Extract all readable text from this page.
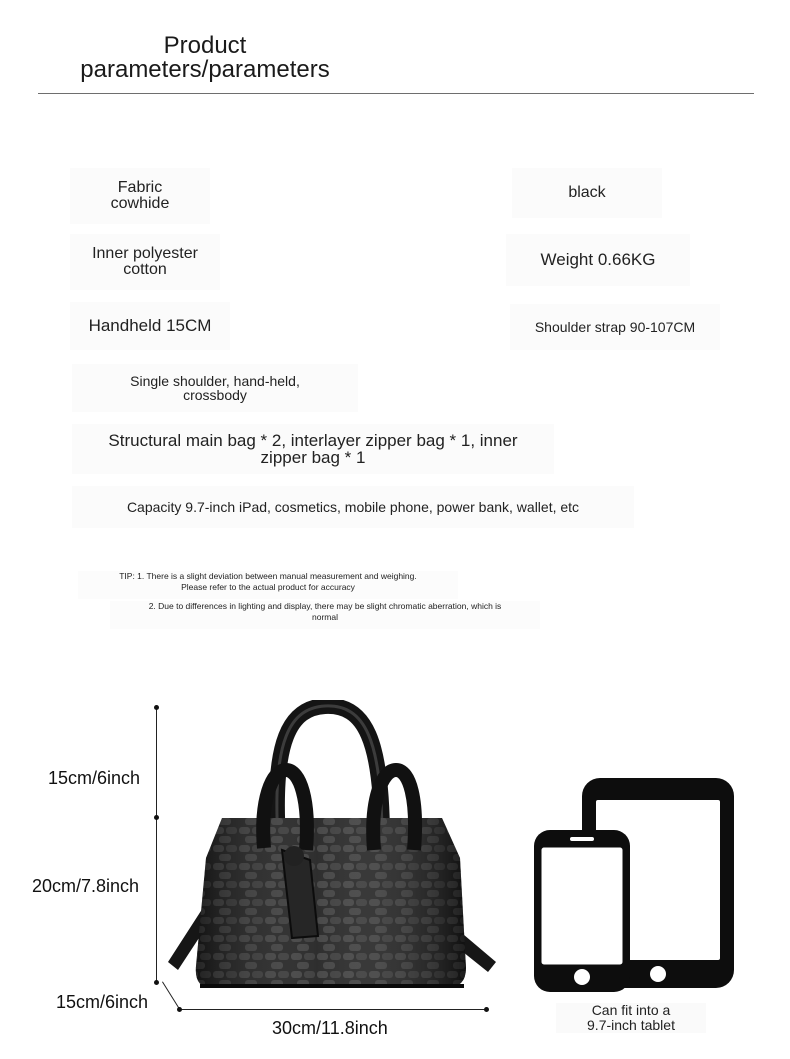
Product
parameters/parameters
Fabric
cowhide
black
Inner polyester
cotton
Weight 0.66KG
Handheld 15CM	Shoulder strap 90-107CM
Single shoulder, hand-held,
crossbody
Structural main bag * 2, interlayer zipper bag * 1, inner
zipper bag * 1
Capacity 9.7-inch iPad, cosmetics, mobile phone, power bank, wallet, etc
TIP: 1. There is a slight deviation between manual measurement and weighing.
Please refer to the actual product for accuracy
2. Due to differences in lighting and display, there may be slight chromatic aberration, which is
normal
15cm/6inch
20cm/7.8inch
15cm/6inch
30cm/11.8inch
Can fit into a
9.7-inch tablet
